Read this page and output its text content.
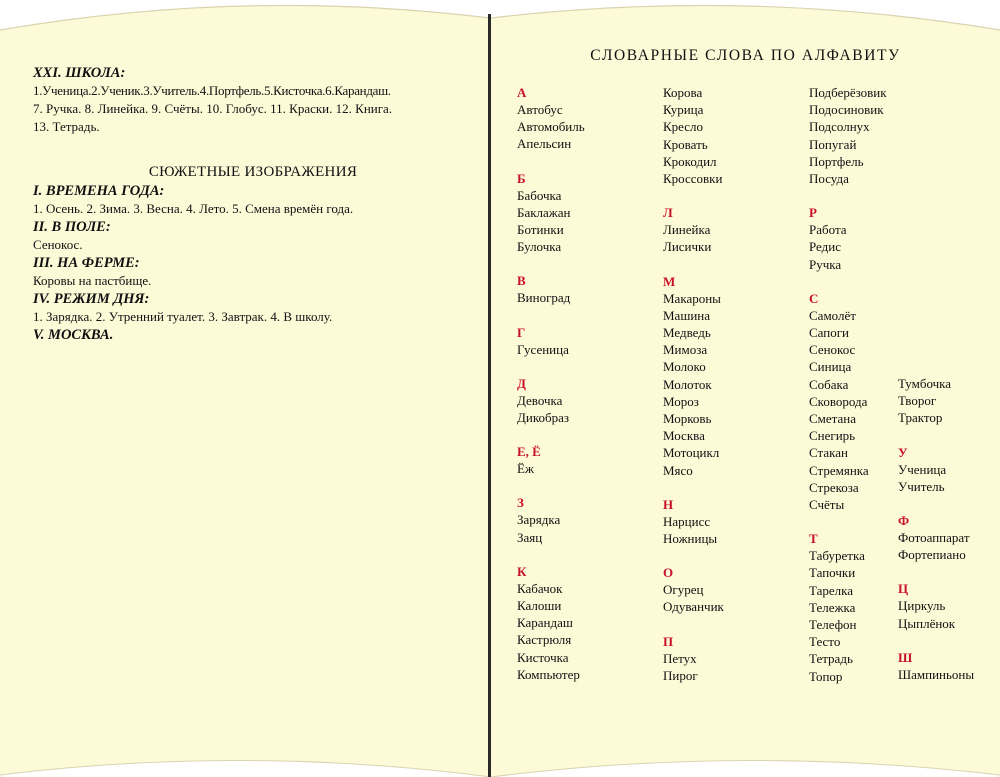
XXI. ШКОЛА:
1.Ученица.2.Ученик.3.Учитель.4.Портфель.5.Кисточка.6.Карандаш.
7. Ручка. 8. Линейка. 9. Счёты. 10. Глобус. 11. Краски. 12. Книга.
13. Тетрадь.
СЮЖЕТНЫЕ ИЗОБРАЖЕНИЯ
I. ВРЕМЕНА ГОДА:
1. Осень. 2. Зима. 3. Весна. 4. Лето. 5. Смена времён года.
II. В ПОЛЕ:
Сенокос.
III. НА ФЕРМЕ:
Коровы на пастбище.
IV. РЕЖИМ ДНЯ:
1. Зарядка. 2. Утренний туалет. 3. Завтрак. 4. В школу.
V. МОСКВА.
СЛОВАРНЫЕ СЛОВА ПО АЛФАВИТУ
А
Автобус
Автомобиль
Апельсин
Б
Бабочка
Баклажан
Ботинки
Булочка
В
Виноград
Г
Гусеница
Д
Девочка
Дикобраз
Е, Ё
Ёж
З
Зарядка
Заяц
К
Кабачок
Калоши
Карандаш
Кастрюля
Кисточка
Компьютер
Корова
Курица
Кресло
Кровать
Крокодил
Кроссовки
Л
Линейка
Лисички
М
Макароны
Машина
Медведь
Мимоза
Молоко
Молоток
Мороз
Морковь
Москва
Мотоцикл
Мясо
Н
Нарцисс
Ножницы
О
Огурец
Одуванчик
П
Петух
Пирог
Подберёзовик
Подосиновик
Подсолнух
Попугай
Портфель
Посуда
Р
Работа
Редис
Ручка
С
Самолёт
Сапоги
Сенокос
Синица
Собака
Сковорода
Сметана
Снегирь
Стакан
Стремянка
Стрекоза
Счёты
Т
Табуретка
Тапочки
Тарелка
Тележка
Телефон
Тесто
Тетрадь
Топор
Тумбочка
Творог
Трактор
У
Ученица
Учитель
Ф
Фотоаппарат
Фортепиано
Ц
Циркуль
Цыплёнок
Ш
Шампиньоны
